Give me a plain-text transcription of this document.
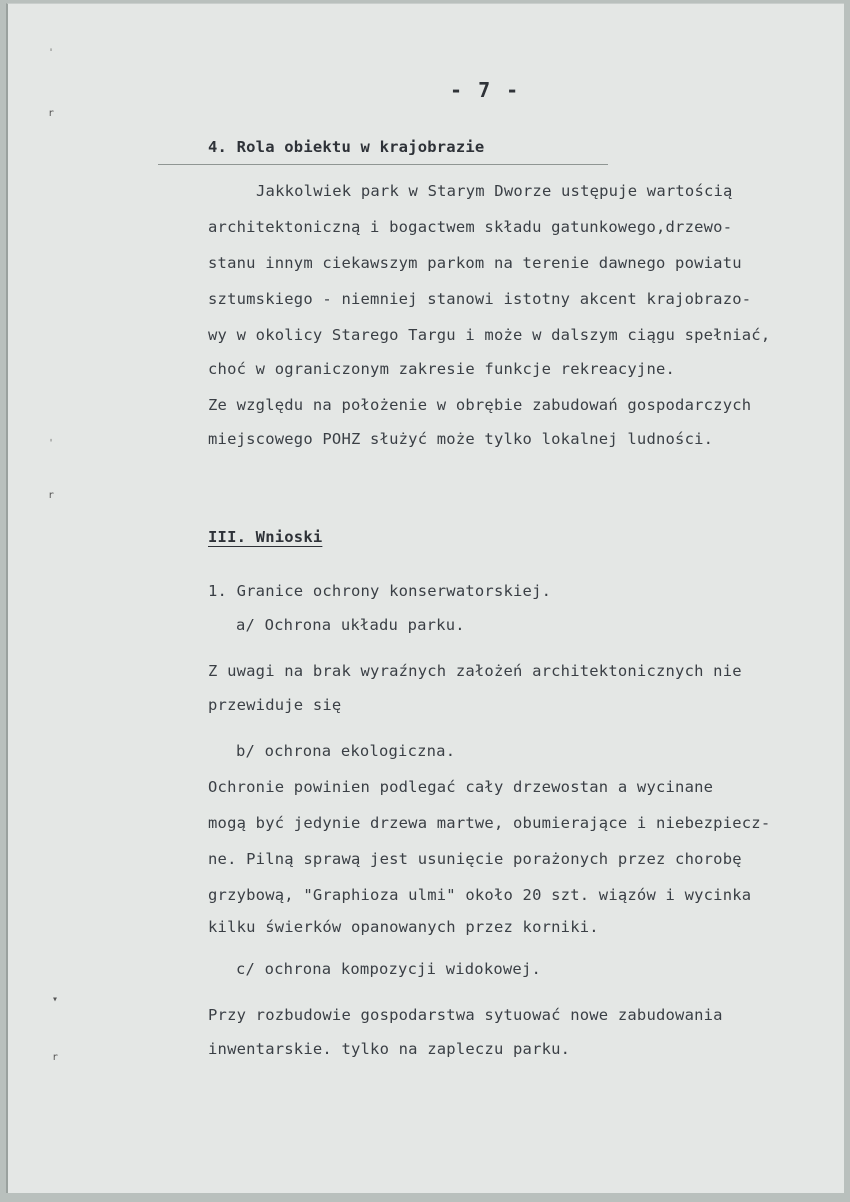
ˈ
r
ˌ
r
▾
r
- 7 -
4. Rola obiektu w krajobrazie
Jakkolwiek park w Starym Dworze ustępuje wartością
architektoniczną i bogactwem składu gatunkowego,drzewo-
stanu innym ciekawszym parkom na terenie dawnego powiatu
sztumskiego - niemniej stanowi istotny akcent krajobrazo-
wy w okolicy Starego Targu i może w dalszym ciągu spełniać,
choć w ograniczonym zakresie funkcje rekreacyjne.
Ze względu na położenie w obrębie zabudowań gospodarczych
miejscowego POHZ służyć może tylko lokalnej ludności.
III. Wnioski
1. Granice ochrony konserwatorskiej.
a/ Ochrona układu parku.
Z uwagi na brak wyraźnych założeń architektonicznych nie
przewiduje się
b/ ochrona ekologiczna.
Ochronie powinien podlegać cały drzewostan a wycinane
mogą być jedynie drzewa martwe, obumierające i niebezpiecz-
ne. Pilną sprawą jest usunięcie porażonych przez chorobę
grzybową, "Graphioza ulmi" około 20 szt. wiązów i wycinka
kilku świerków opanowanych przez korniki.
c/ ochrona kompozycji widokowej.
Przy rozbudowie gospodarstwa sytuować nowe zabudowania
inwentarskie. tylko na zapleczu parku.
